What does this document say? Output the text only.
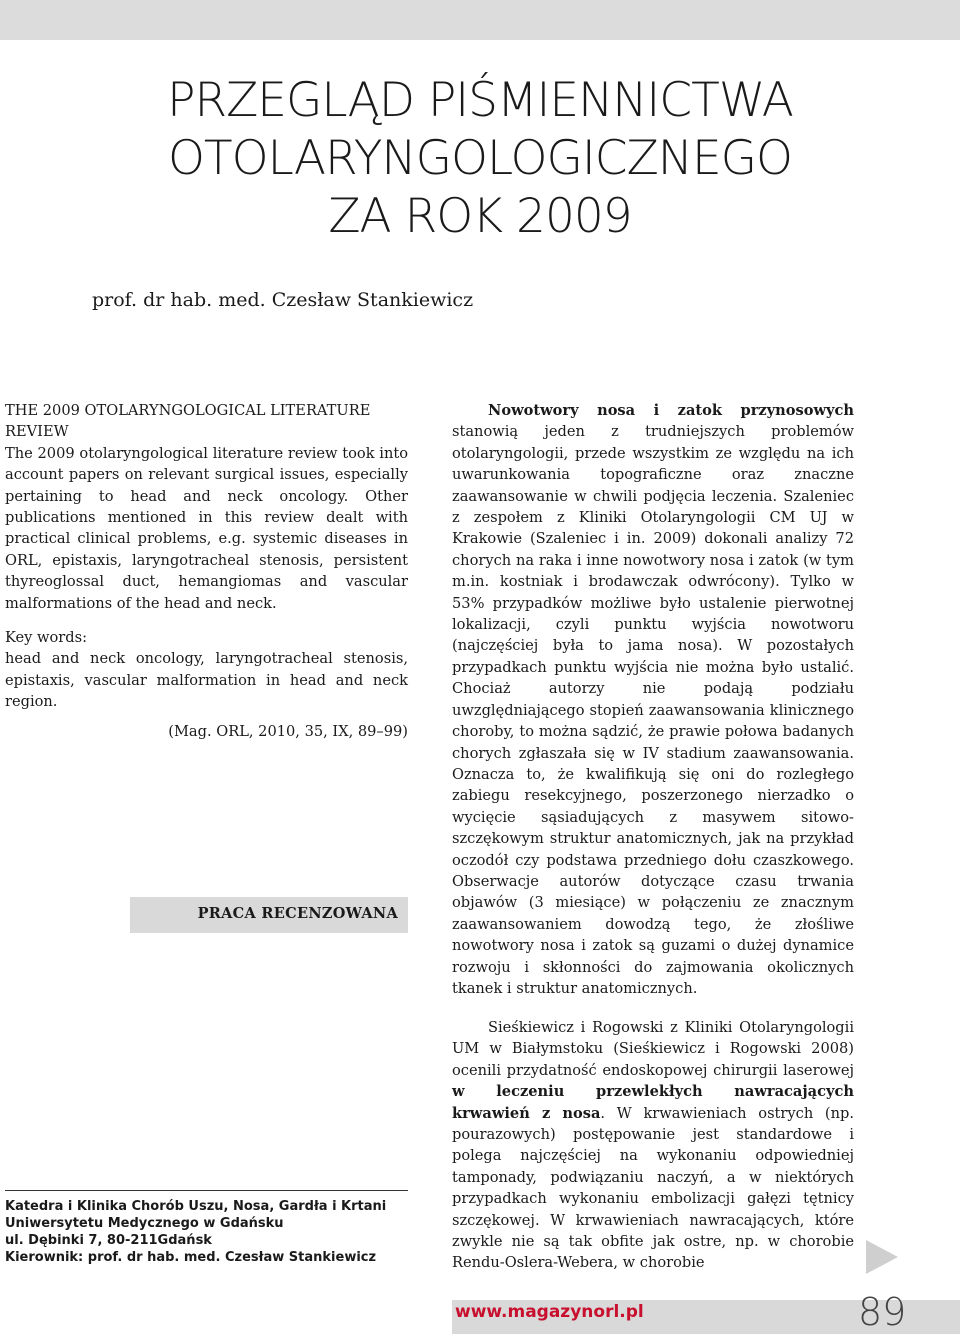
PRZEGLĄD PIŚMIENNICTWA
OTOLARYNGOLOGICZNEGO
ZA ROK 2009
prof. dr hab. med. Czesław Stankiewicz

THE 2009 OTOLARYNGOLOGICAL LITERATURE
REVIEW

The 2009 otolaryngological literature review took into account papers on relevant surgical issues, especially pertaining to head and neck oncology. Other publications mentioned in this review dealt with practical clinical problems, e.g. systemic diseases in ORL, epistaxis, laryngotracheal stenosis, persistent thyreoglossal duct, hemangiomas and vascular malformations of the head and neck.

Key words:

head and neck oncology, laryngotracheal stenosis, epistaxis, vascular malformation in head and neck region.

(Mag. ORL, 2010, 35, IX, 89–99)

PRACA RECENZOWANA
Katedra i Klinika Chorób Uszu, Nosa, Gardła i Krtani
Uniwersytetu Medycznego w Gdańsku
ul. Dębinki 7, 80-211Gdańsk
Kierownik: prof. dr hab. med. Czesław Stankiewicz

Nowotwory nosa i zatok przynosowych stanowią jeden z trudniejszych problemów otolaryngologii, przede wszystkim ze względu na ich uwarunkowania topograficzne oraz znaczne zaawansowanie w chwili podjęcia leczenia. Szaleniec z zespołem z Kliniki Otolaryngologii CM UJ w Krakowie (Szaleniec i in. 2009) dokonali analizy 72 chorych na raka i inne nowotwory nosa i zatok (w tym m.in. kostniak i brodawczak odwrócony). Tylko w 53% przypadków możliwe było ustalenie pierwotnej lokalizacji, czyli punktu wyjścia nowotworu (najczęściej była to jama nosa). W pozostałych przypadkach punktu wyjścia nie można było ustalić. Chociaż autorzy nie podają podziału uwzględniającego stopień zaawansowania klinicznego choroby, to można sądzić, że prawie połowa badanych chorych zgłaszała się w IV stadium zaawansowania. Oznacza to, że kwalifikują się oni do rozległego zabiegu resekcyjnego, poszerzonego nierzadko o wycięcie sąsiadujących z masywem sitowo-szczękowym struktur anatomicznych, jak na przykład oczodół czy podstawa przedniego dołu czaszkowego. Obserwacje autorów dotyczące czasu trwania objawów (3 miesiące) w połączeniu ze znacznym zaawansowaniem dowodzą tego, że złośliwe nowotwory nosa i zatok są guzami o dużej dynamice rozwoju i skłonności do zajmowania okolicznych tkanek i struktur anatomicznych.

Sieśkiewicz i Rogowski z Kliniki Otolaryngologii UM w Białymstoku (Sieśkiewicz i Rogowski 2008) ocenili przydatność endoskopowej chirurgii laserowej w leczeniu przewlekłych nawracających krwawień z nosa. W krwawieniach ostrych (np. pourazowych) postępowanie jest standardowe i polega najczęściej na wykonaniu odpowiedniej tamponady, podwiązaniu naczyń, a w niektórych przypadkach wykonaniu embolizacji gałęzi tętnicy szczękowej. W krwawieniach nawracających, które zwykle nie są tak obfite jak ostre, np. w chorobie Rendu-Oslera-Webera, w chorobie

www.magazynorl.pl	89
